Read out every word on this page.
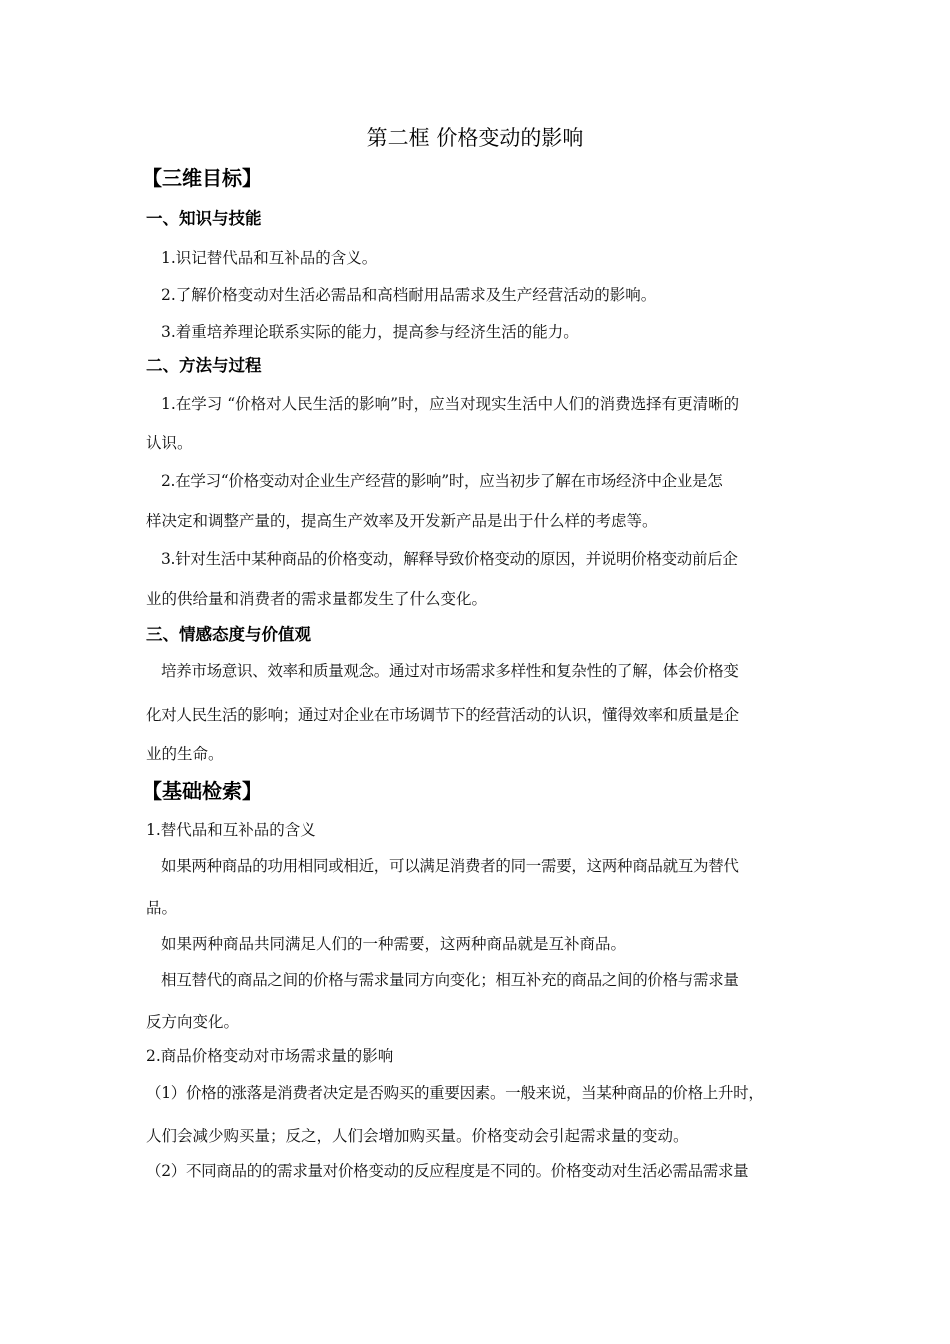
第二框 价格变动的影响
【三维目标】
一、知识与技能
1.识记替代品和互补品的含义。
2.了解价格变动对生活必需品和高档耐用品需求及生产经营活动的影响。
3.着重培养理论联系实际的能力，提高参与经济生活的能力。
二、方法与过程
1.在学习 “价格对人民生活的影响”时，应当对现实生活中人们的消费选择有更清晰的
认识。
2.在学习“价格变动对企业生产经营的影响”时，应当初步了解在市场经济中企业是怎
样决定和调整产量的，提高生产效率及开发新产品是出于什么样的考虑等。
3.针对生活中某种商品的价格变动，解释导致价格变动的原因，并说明价格变动前后企
业的供给量和消费者的需求量都发生了什么变化。
三、情感态度与价值观
培养市场意识、效率和质量观念。通过对市场需求多样性和复杂性的了解，体会价格变
化对人民生活的影响；通过对企业在市场调节下的经营活动的认识，懂得效率和质量是企
业的生命。
【基础检索】
1.替代品和互补品的含义
如果两种商品的功用相同或相近，可以满足消费者的同一需要，这两种商品就互为替代
品。
如果两种商品共同满足人们的一种需要，这两种商品就是互补商品。
相互替代的商品之间的价格与需求量同方向变化；相互补充的商品之间的价格与需求量
反方向变化。
2.商品价格变动对市场需求量的影响
（1）价格的涨落是消费者决定是否购买的重要因素。一般来说，当某种商品的价格上升时，
人们会减少购买量；反之，人们会增加购买量。价格变动会引起需求量的变动。
（2）不同商品的的需求量对价格变动的反应程度是不同的。价格变动对生活必需品需求量
